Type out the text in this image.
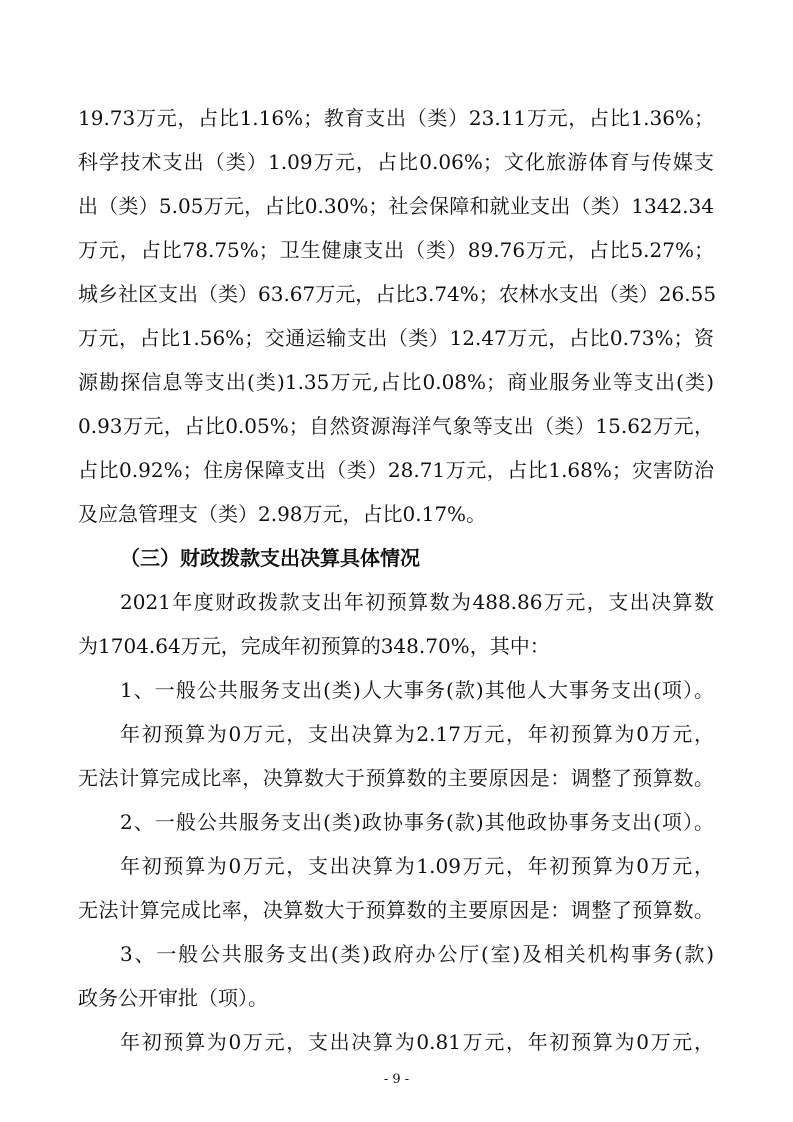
19.73万元，占比1.16%；教育支出（类）23.11万元，占比1.36%；
科学技术支出（类）1.09万元，占比0.06%；文化旅游体育与传媒支
出（类）5.05万元，占比0.30%；社会保障和就业支出（类）1342.34
万元，占比78.75%；卫生健康支出（类）89.76万元，占比5.27%；
城乡社区支出（类）63.67万元，占比3.74%；农林水支出（类）26.55
万元，占比1.56%；交通运输支出（类）12.47万元，占比0.73%；资
源勘探信息等支出(类)1.35万元,占比0.08%；商业服务业等支出(类)
0.93万元，占比0.05%；自然资源海洋气象等支出（类）15.62万元，
占比0.92%；住房保障支出（类）28.71万元，占比1.68%；灾害防治
及应急管理支（类）2.98万元，占比0.17%。
（三）财政拨款支出决算具体情况
2021年度财政拨款支出年初预算数为488.86万元，支出决算数
为1704.64万元，完成年初预算的348.70%，其中：
1、一般公共服务支出(类)人大事务(款)其他人大事务支出(项）。
年初预算为0万元，支出决算为2.17万元，年初预算为0万元，
无法计算完成比率，决算数大于预算数的主要原因是：调整了预算数。
2、一般公共服务支出(类)政协事务(款)其他政协事务支出(项）。
年初预算为0万元，支出决算为1.09万元，年初预算为0万元，
无法计算完成比率，决算数大于预算数的主要原因是：调整了预算数。
3、一般公共服务支出(类)政府办公厅(室)及相关机构事务(款)
政务公开审批（项）。
年初预算为0万元，支出决算为0.81万元，年初预算为0万元，
- 9 -
